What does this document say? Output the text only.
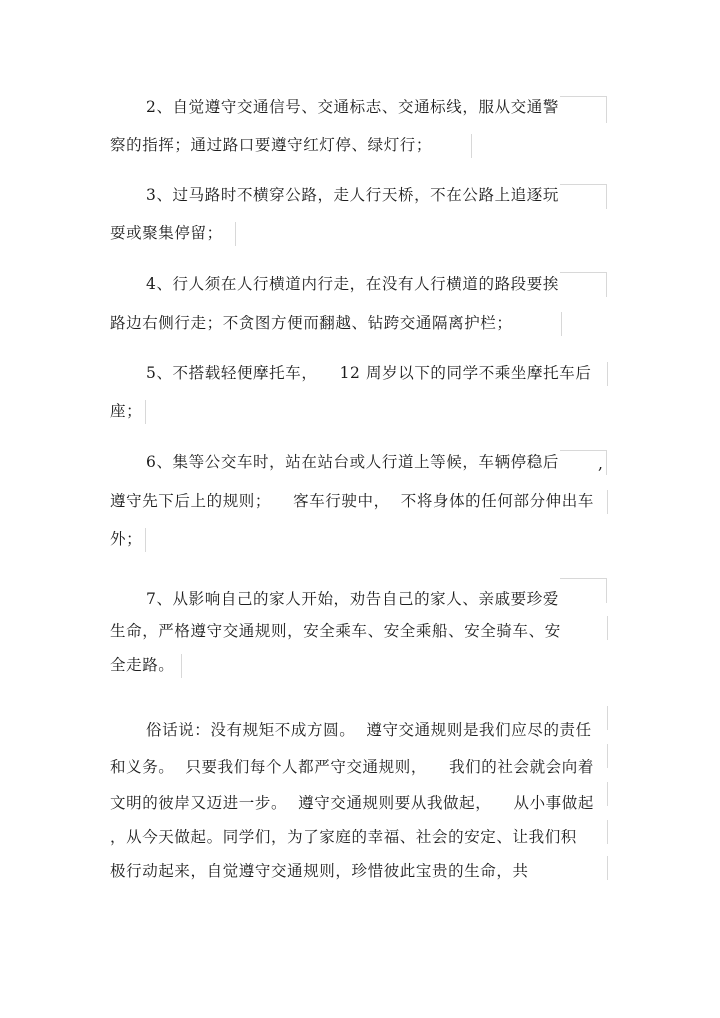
2、自觉遵守交通信号、交通标志、交通标线，服从交通警
察的指挥；通过路口要遵守红灯停、绿灯行；
3、过马路时不横穿公路，走人行天桥，不在公路上追逐玩
耍或聚集停留；
4、行人须在人行横道内行走，在没有人行横道的路段要挨
路边右侧行走；不贪图方便而翻越、钻跨交通隔离护栏；
5、不搭载轻便摩托车，    12 周岁以下的同学不乘坐摩托车后
座；
6、集等公交车时，站在站台或人行道上等候，车辆停稳后	,
遵守先下后上的规则；    客车行驶中，  不将身体的任何部分伸出车
外；
7、从影响自己的家人开始，劝告自己的家人、亲戚要珍爱
生命，严格遵守交通规则，安全乘车、安全乘船、安全骑车、安
全走路。
俗话说：没有规矩不成方圆。  遵守交通规则是我们应尽的责任
和义务。  只要我们每个人都严守交通规则，    我们的社会就会向着
文明的彼岸又迈进一步。  遵守交通规则要从我做起，    从小事做起
，从今天做起。同学们，为了家庭的幸福、社会的安定、让我们积
极行动起来，自觉遵守交通规则，珍惜彼此宝贵的生命，共
